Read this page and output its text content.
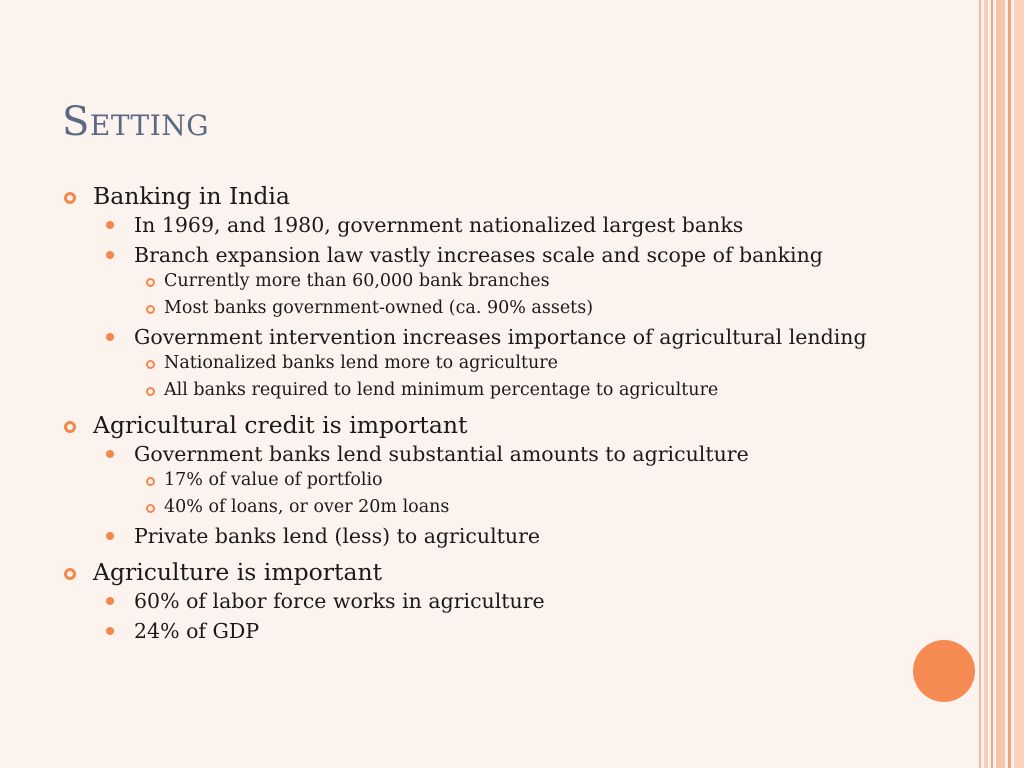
Setting
Banking in India
In 1969, and 1980, government nationalized largest banks
Branch expansion law vastly increases scale and scope of banking
Currently more than 60,000 bank branches
Most banks government-owned (ca. 90% assets)
Government intervention increases importance of agricultural lending
Nationalized banks lend more to agriculture
All banks required to lend minimum percentage to agriculture
Agricultural credit is important
Government banks lend substantial amounts to agriculture
17% of value of portfolio
40% of loans, or over 20m loans
Private banks lend (less) to agriculture
Agriculture is important
60% of labor force works in agriculture
24% of GDP
